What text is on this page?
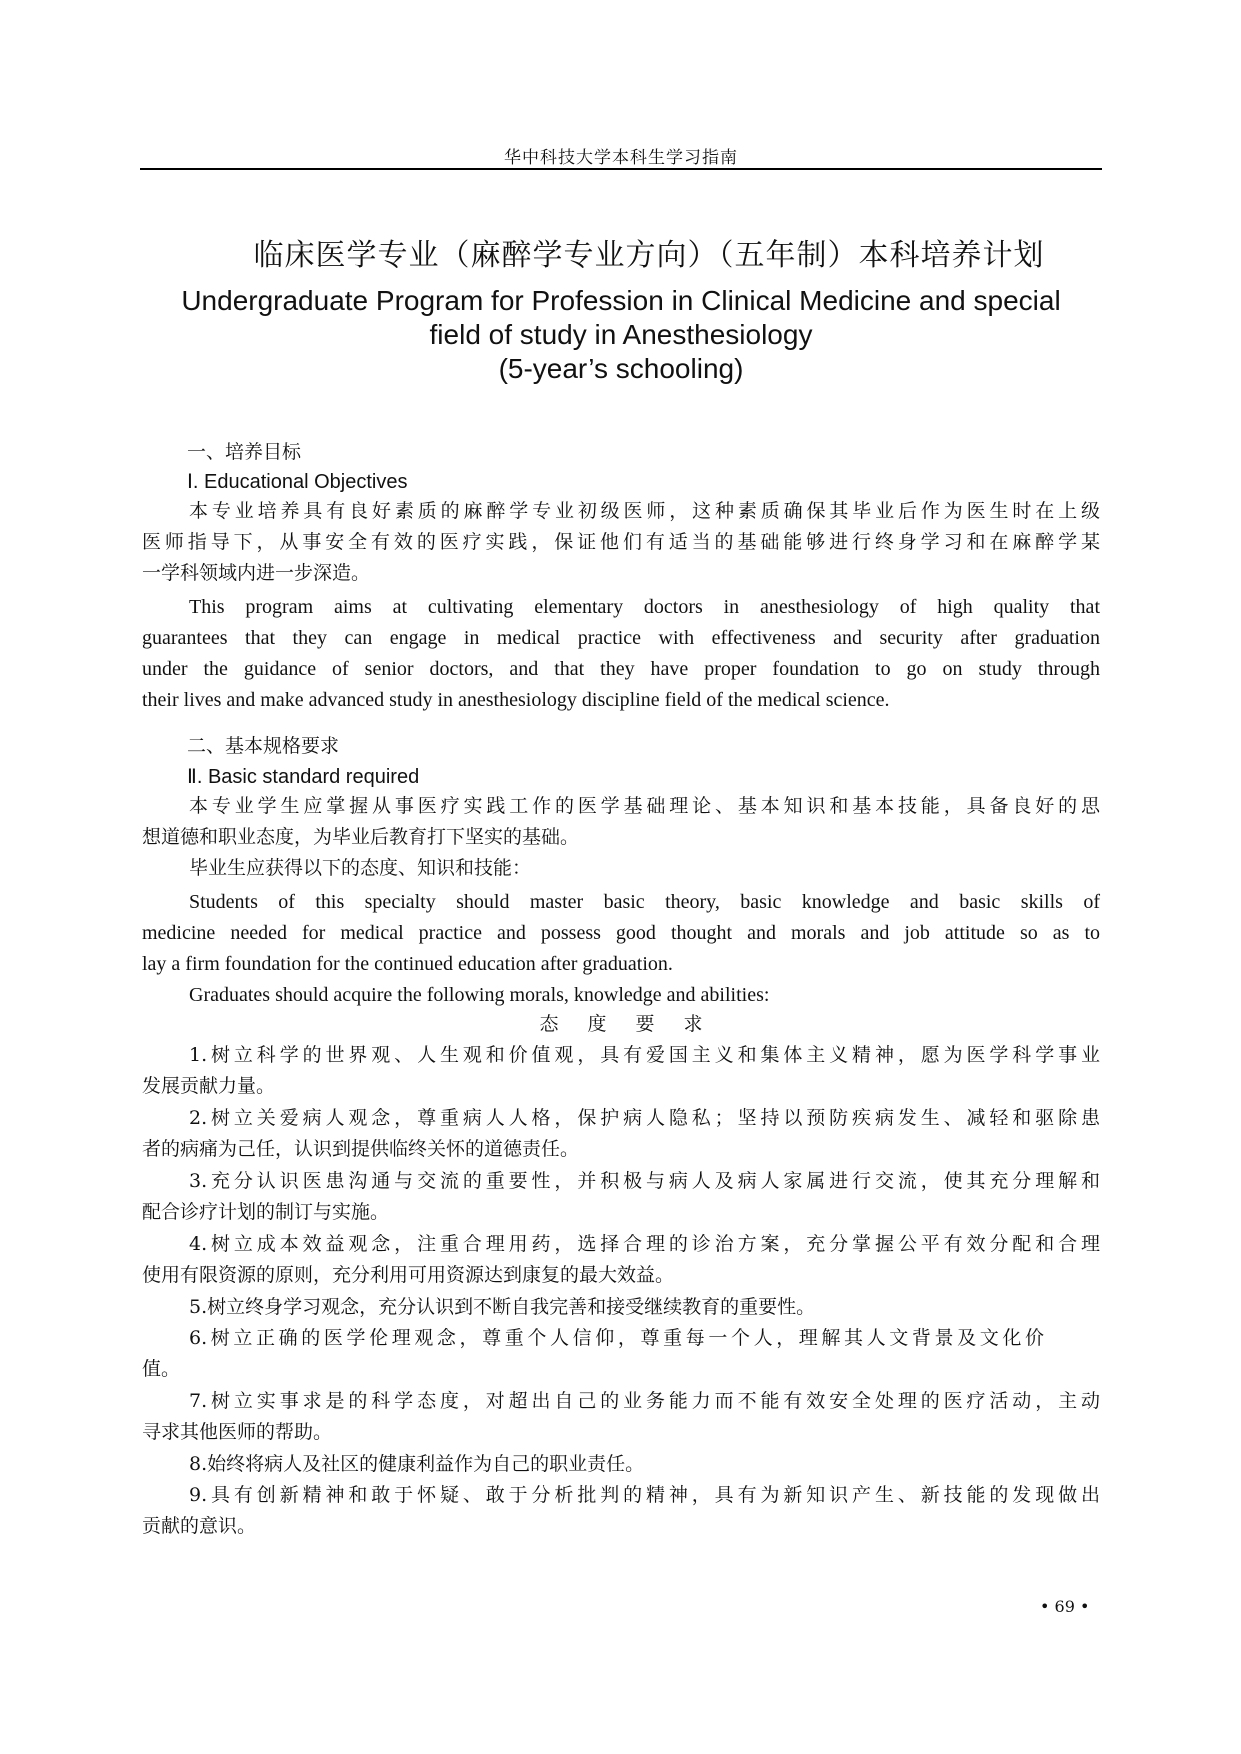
华中科技大学本科生学习指南
临床医学专业（麻醉学专业方向）（五年制）本科培养计划
Undergraduate Program for Profession in Clinical Medicine and special
field of study in Anesthesiology
(5-year’s schooling)
一、培养目标
Ⅰ. Educational Objectives
本专业培养具有良好素质的麻醉学专业初级医师，这种素质确保其毕业后作为医生时在上级
医师指导下，从事安全有效的医疗实践，保证他们有适当的基础能够进行终身学习和在麻醉学某
一学科领域内进一步深造。
This program aims at cultivating elementary doctors in anesthesiology of high quality that
guarantees that they can engage in medical practice with effectiveness and security after graduation
under the guidance of senior doctors, and that they have proper foundation to go on study through
their lives and make advanced study in anesthesiology discipline field of the medical science.
二、基本规格要求
Ⅱ. Basic standard required
本专业学生应掌握从事医疗实践工作的医学基础理论、基本知识和基本技能，具备良好的思
想道德和职业态度，为毕业后教育打下坚实的基础。
毕业生应获得以下的态度、知识和技能：
Students of this specialty should master basic theory, basic knowledge and basic skills of
medicine needed for medical practice and possess good thought and morals and job attitude so as to
lay a firm foundation for the continued education after graduation.
Graduates should acquire the following morals, knowledge and abilities:
态度要求
1.树立科学的世界观、人生观和价值观，具有爱国主义和集体主义精神，愿为医学科学事业
发展贡献力量。
2.树立关爱病人观念，尊重病人人格，保护病人隐私；坚持以预防疾病发生、减轻和驱除患
者的病痛为己任，认识到提供临终关怀的道德责任。
3.充分认识医患沟通与交流的重要性，并积极与病人及病人家属进行交流，使其充分理解和
配合诊疗计划的制订与实施。
4.树立成本效益观念，注重合理用药，选择合理的诊治方案，充分掌握公平有效分配和合理
使用有限资源的原则，充分利用可用资源达到康复的最大效益。
5.树立终身学习观念，充分认识到不断自我完善和接受继续教育的重要性。
6.树立正确的医学伦理观念，尊重个人信仰，尊重每一个人，理解其人文背景及文化价
值。
7.树立实事求是的科学态度，对超出自己的业务能力而不能有效安全处理的医疗活动，主动
寻求其他医师的帮助。
8.始终将病人及社区的健康利益作为自己的职业责任。
9.具有创新精神和敢于怀疑、敢于分析批判的精神，具有为新知识产生、新技能的发现做出
贡献的意识。
• 69 •
